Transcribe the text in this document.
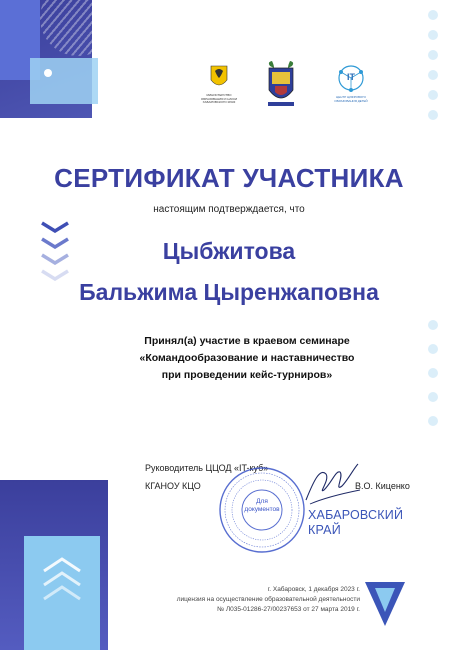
МИНИСТЕРСТВО ОБРАЗОВАНИЯ И НАУКИ
ХАБАРОВСКОГО КРАЯ
IT
ЦЕНТР ЦИФРОВОГО
ОБРАЗОВАНИЯ ДЕТЕЙ
СЕРТИФИКАТ УЧАСТНИКА
настоящим подтверждается, что
Цыбжитова
Бальжима Цыренжаповна
Принял(а) участие в краевом семинаре
«Командообразование и наставничество
при проведении кейс-турниров»
Руководитель ЦЦОД «IT-куб»
КГАНОУ КЦО
Для
документов
В.О. Киценко
ХАБАРОВСКИЙ
КРАЙ
г. Хабаровск, 1 декабря 2023 г.
лицензия на осуществление образовательной деятельности
№ Л035-01286-27/00237653 от 27 марта 2019 г.
